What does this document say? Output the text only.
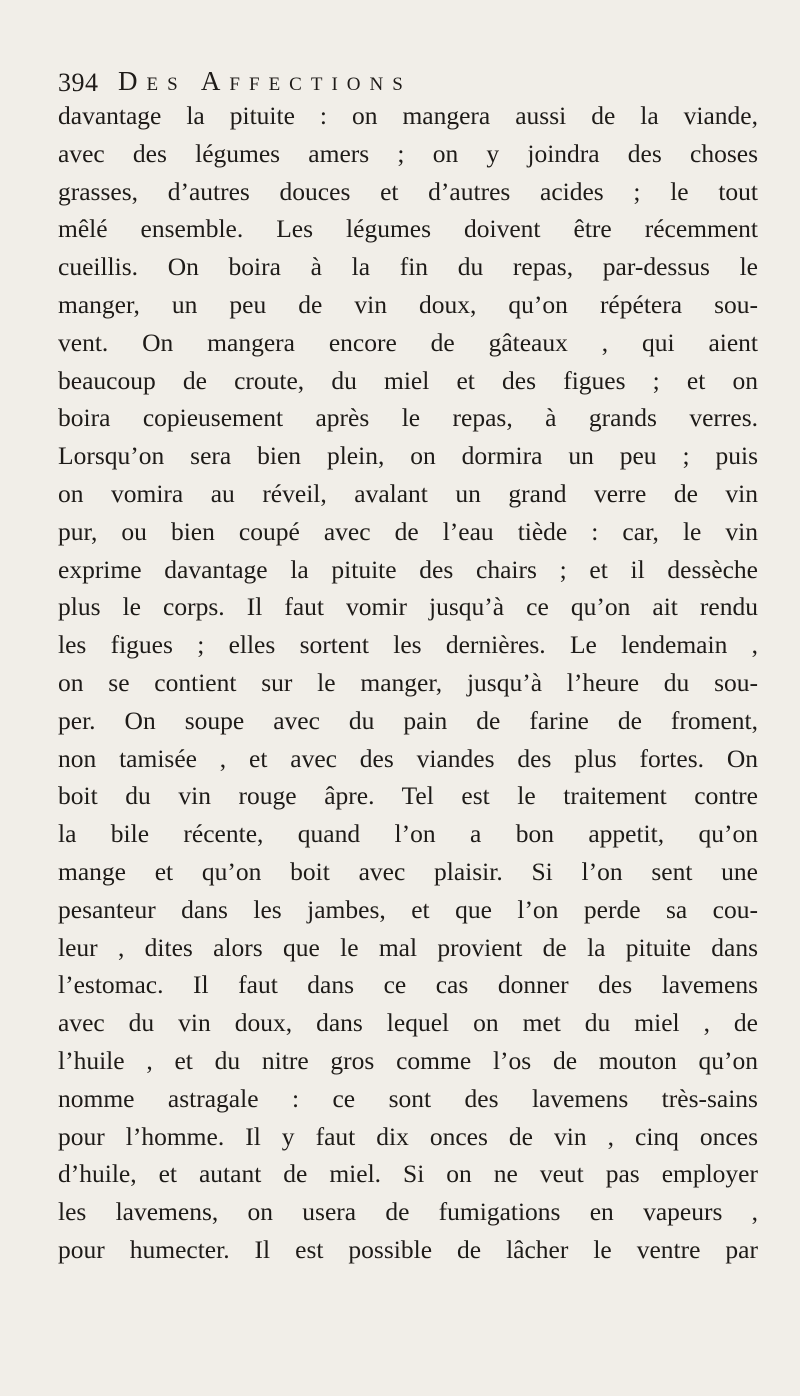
394 Des Affections
davantage la pituite : on mangera aussi de la viande,
avec des légumes amers ; on y joindra des choses
grasses, d’autres douces et d’autres acides ; le tout
mêlé ensemble. Les légumes doivent être récemment
cueillis. On boira à la fin du repas, par-dessus le
manger, un peu de vin doux, qu’on répétera sou-
vent. On mangera encore de gâteaux , qui aient
beaucoup de croute, du miel et des figues ; et on
boira copieusement après le repas, à grands verres.
Lorsqu’on sera bien plein, on dormira un peu ; puis
on vomira au réveil, avalant un grand verre de vin
pur, ou bien coupé avec de l’eau tiède : car, le vin
exprime davantage la pituite des chairs ; et il dessèche
plus le corps. Il faut vomir jusqu’à ce qu’on ait rendu
les figues ; elles sortent les dernières. Le lendemain ,
on se contient sur le manger, jusqu’à l’heure du sou-
per. On soupe avec du pain de farine de froment,
non tamisée , et avec des viandes des plus fortes. On
boit du vin rouge âpre. Tel est le traitement contre
la bile récente, quand l’on a bon appetit, qu’on
mange et qu’on boit avec plaisir. Si l’on sent une
pesanteur dans les jambes, et que l’on perde sa cou-
leur , dites alors que le mal provient de la pituite dans
l’estomac. Il faut dans ce cas donner des lavemens
avec du vin doux, dans lequel on met du miel , de
l’huile , et du nitre gros comme l’os de mouton qu’on
nomme astragale : ce sont des lavemens très-sains
pour l’homme. Il y faut dix onces de vin , cinq onces
d’huile, et autant de miel. Si on ne veut pas employer
les lavemens, on usera de fumigations en vapeurs ,
pour humecter. Il est possible de lâcher le ventre par
